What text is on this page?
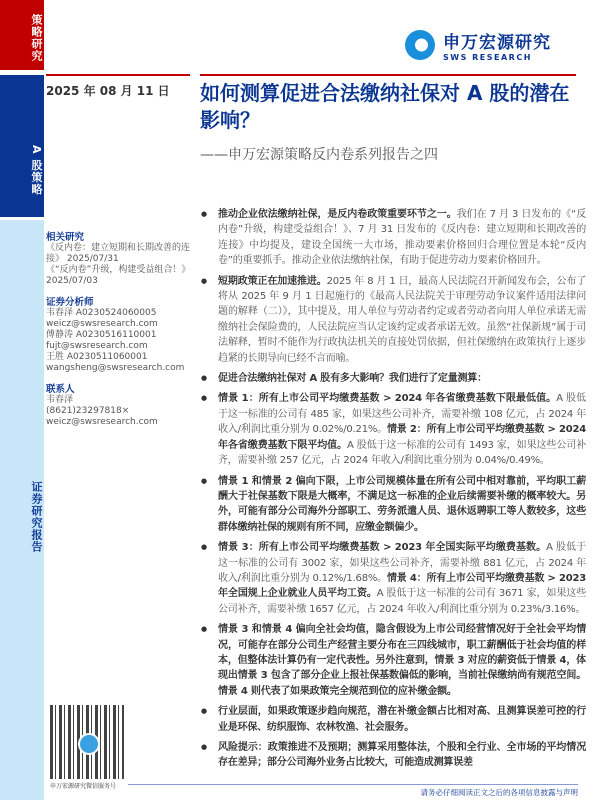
策略研究
A 股策略
证券研究报告
申万宏源研究
SWS RESEARCH
2025 年 08 月 11 日 如何测算促进合法缴纳社保对 A 股的潜在影响？
——申万宏源策略反内卷系列报告之四
相关研究
《反内卷：建立短期和长期改善的连接》 2025/07/31
《“反内卷”升级，构建受益组合！》 2025/07/03
证券分析师
韦春泽 A0230524060005
weicz@swsresearch.com
傅静涛 A0230516110001
fujt@swsresearch.com
王胜 A0230511060001
wangsheng@swsresearch.com
联系人
韦春泽
(8621)23297818×
weicz@swsresearch.com
申万宏源研究微信服务号
● 推动企业依法缴纳社保，是反内卷政策重要环节之一。我们在 7 月 3 日发布的《“反内卷”升级，构建受益组合！》、7 月 31 日发布的《反内卷：建立短期和长期改善的连接》中均提及，建设全国统一大市场，推动要素价格回归合理位置是本轮“反内卷”的重要抓手。推动企业依法缴纳社保，有助于促进劳动力要素价格回升。
● 短期政策正在加速推进。2025 年 8 月 1 日，最高人民法院召开新闻发布会，公布了将从 2025 年 9 月 1 日起施行的《最高人民法院关于审理劳动争议案件适用法律问题的解释（二）》，其中提及，用人单位与劳动者约定或者劳动者向用人单位承诺无需缴纳社会保险费的，人民法院应当认定该约定或者承诺无效。虽然“社保新规”属于司法解释，暂时不能作为行政执法机关的直接处罚依据，但社保缴纳在政策执行上逐步趋紧的长期导向已经不言而喻。
● 促进合法缴纳社保对 A 股有多大影响？我们进行了定量测算：
● 情景 1：所有上市公司平均缴费基数 > 2024 年各省缴费基数下限最低值。A 股低于这一标准的公司有 485 家，如果这些公司补齐，需要补缴 108 亿元，占 2024 年收入/利润比重分别为 0.02%/0.21%。情景 2：所有上市公司平均缴费基数 > 2024 年各省缴费基数下限平均值。A 股低于这一标准的公司有 1493 家，如果这些公司补齐，需要补缴 257 亿元，占 2024 年收入/利润比重分别为 0.04%/0.49%。
● 情景 1 和情景 2 偏向下限，上市公司规模体量在所有公司中相对靠前，平均职工薪酬大于社保基数下限是大概率，不满足这一标准的企业后续需要补缴的概率较大。另外，可能有部分公司海外分部职工、劳务派遣人员、退休返聘职工等人数较多，这些群体缴纳社保的规则有所不同，应缴金额偏少。
● 情景 3：所有上市公司平均缴费基数 > 2023 年全国实际平均缴费基数。A 股低于这一标准的公司有 3002 家，如果这些公司补齐，需要补缴 881 亿元，占 2024 年收入/利润比重分别为 0.12%/1.68%。情景 4：所有上市公司平均缴费基数 > 2023 年全国规上企业就业人员平均工资。A 股低于这一标准的公司有 3671 家，如果这些公司补齐，需要补缴 1657 亿元，占 2024 年收入/利润比重分别为 0.23%/3.16%。
● 情景 3 和情景 4 偏向全社会均值，隐含假设为上市公司经营情况好于全社会平均情况，可能存在部分公司生产经营主要分布在三四线城市，职工薪酬低于社会均值的样本，但整体法计算仍有一定代表性。另外注意到，情景 3 对应的薪资低于情景 4，体现出情景 3 包含了部分企业上报社保基数偏低的影响，当前社保缴纳尚有规范空间。情景 4 则代表了如果政策完全规范到位的应补缴金额。
● 行业层面，如果政策逐步趋向规范，潜在补缴金额占比相对高、且测算误差可控的行业是环保、纺织服饰、农林牧渔、社会服务。
● 风险提示：政策推进不及预期；测算采用整体法，个股和全行业、全市场的平均情况存在差异；部分公司海外业务占比较大，可能造成测算误差
请务必仔细阅读正文之后的各项信息披露与声明
